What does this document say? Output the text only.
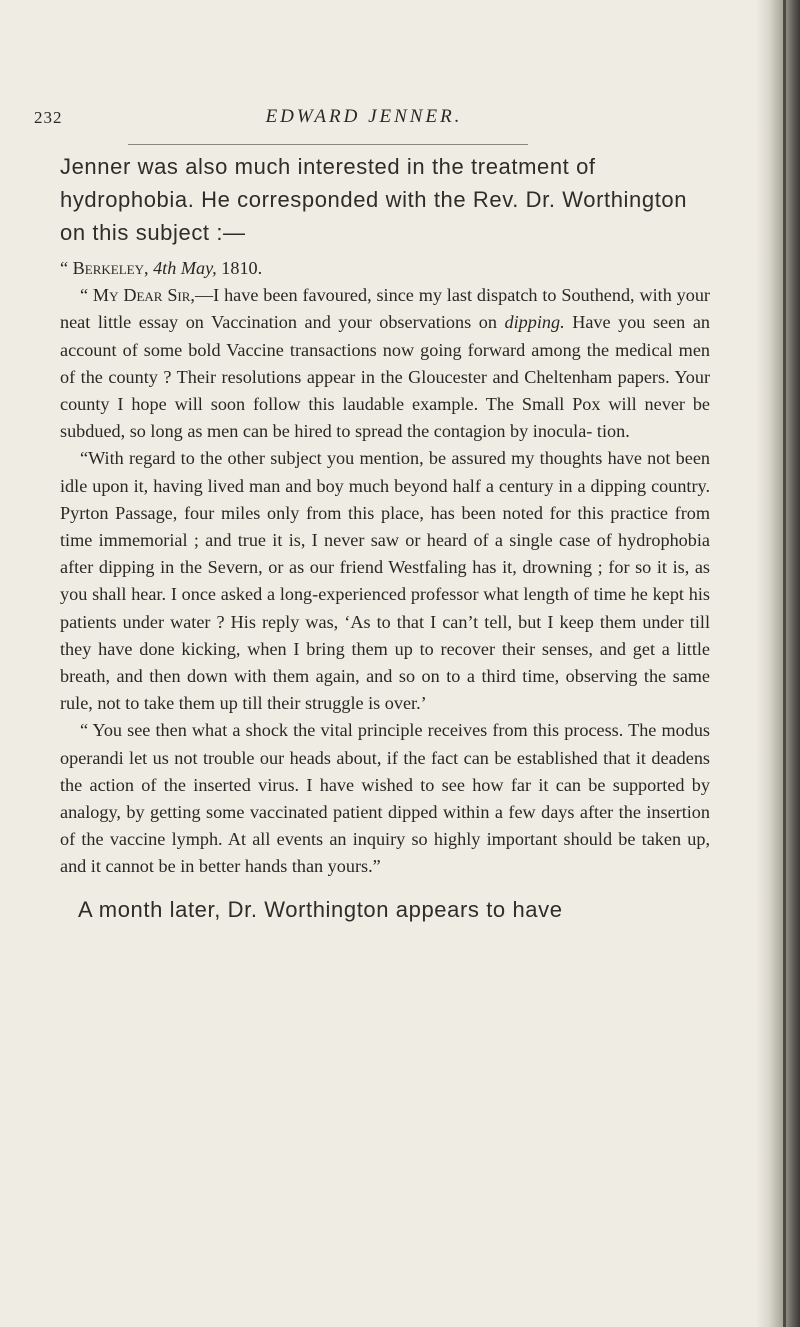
232	EDWARD JENNER.

Jenner was also much interested in the treatment of hydrophobia. He corresponded with the Rev. Dr. Worthington on this subject :—

“ Berkeley, 4th May, 1810.

“ My Dear Sir,—I have been favoured, since my last dispatch to Southend, with your neat little essay on Vaccination and your observations on dipping. Have you seen an account of some bold Vaccine transactions now going forward among the medical men of the county ? Their resolutions appear in the Gloucester and Cheltenham papers. Your county I hope will soon follow this laudable example. The Small Pox will never be subdued, so long as men can be hired to spread the contagion by inocula- tion.

“With regard to the other subject you mention, be assured my thoughts have not been idle upon it, having lived man and boy much beyond half a century in a dipping country. Pyrton Passage, four miles only from this place, has been noted for this practice from time immemorial ; and true it is, I never saw or heard of a single case of hydrophobia after dipping in the Severn, or as our friend Westfaling has it, drowning ; for so it is, as you shall hear. I once asked a long-experienced professor what length of time he kept his patients under water ? His reply was, ‘As to that I can’t tell, but I keep them under till they have done kicking, when I bring them up to recover their senses, and get a little breath, and then down with them again, and so on to a third time, observing the same rule, not to take them up till their struggle is over.’

“ You see then what a shock the vital principle receives from this process. The modus operandi let us not trouble our heads about, if the fact can be established that it deadens the action of the inserted virus. I have wished to see how far it can be supported by analogy, by getting some vaccinated patient dipped within a few days after the insertion of the vaccine lymph. At all events an inquiry so highly important should be taken up, and it cannot be in better hands than yours.”

A month later, Dr. Worthington appears to have
